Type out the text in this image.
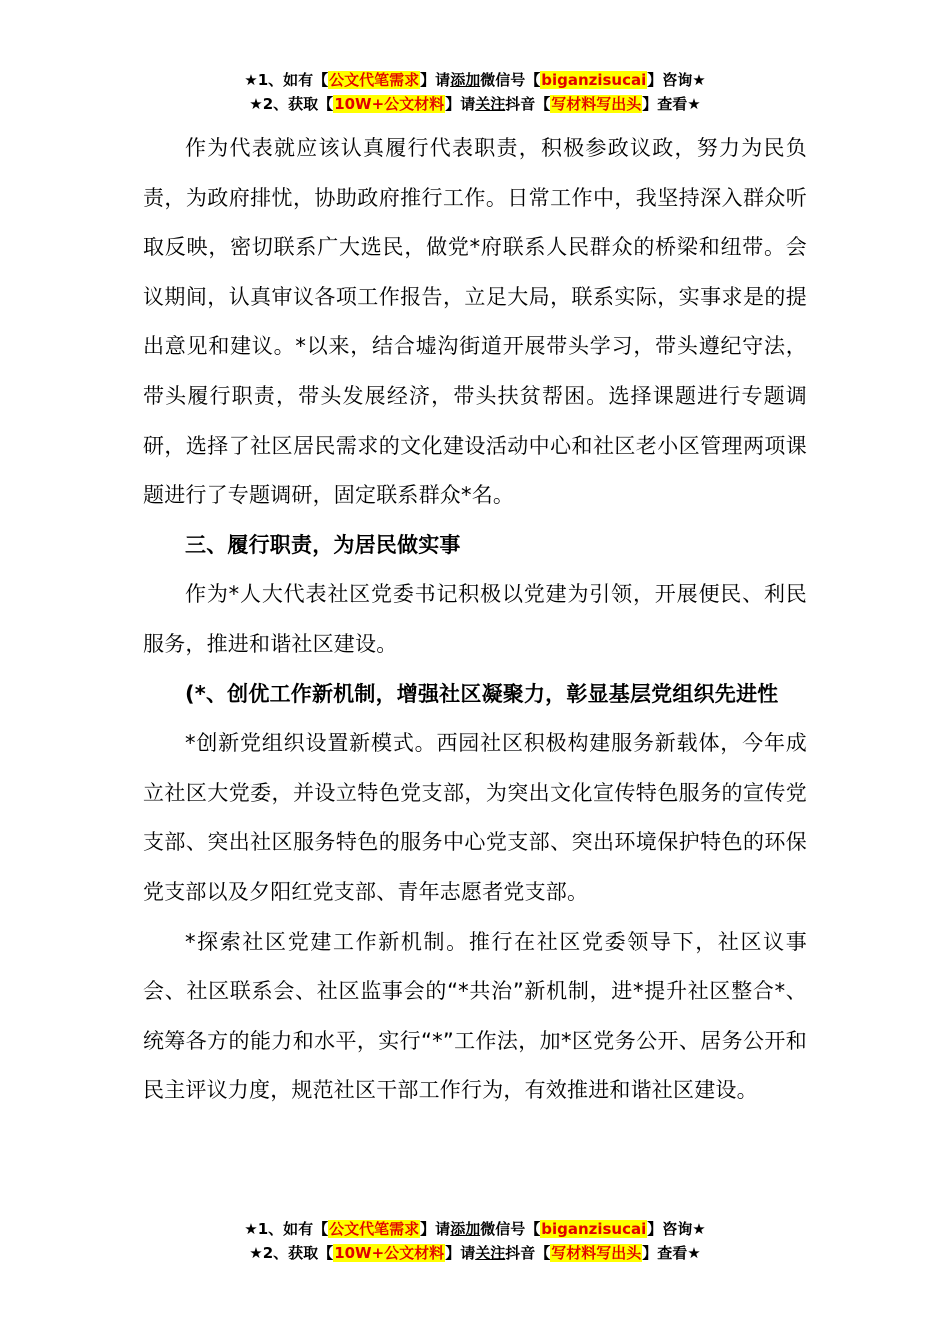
★1、如有【公文代笔需求】请添加微信号【biganzisucai】咨询★
★2、获取【10W+公文材料】请关注抖音【写材料写出头】查看★

作为代表就应该认真履行代表职责，积极参政议政，努力为民负责，为政府排忧，协助政府推行工作。日常工作中，我坚持深入群众听取反映，密切联系广大选民，做党*府联系人民群众的桥梁和纽带。会议期间，认真审议各项工作报告，立足大局，联系实际，实事求是的提出意见和建议。*以来，结合墟沟街道开展带头学习，带头遵纪守法，带头履行职责，带头发展经济，带头扶贫帮困。选择课题进行专题调研，选择了社区居民需求的文化建设活动中心和社区老小区管理两项课题进行了专题调研，固定联系群众*名。

三、履行职责，为居民做实事

作为*人大代表社区党委书记积极以党建为引领，开展便民、利民服务，推进和谐社区建设。

(*、创优工作新机制，增强社区凝聚力，彰显基层党组织先进性

*创新党组织设置新模式。西园社区积极构建服务新载体，今年成立社区大党委，并设立特色党支部，为突出文化宣传特色服务的宣传党支部、突出社区服务特色的服务中心党支部、突出环境保护特色的环保党支部以及夕阳红党支部、青年志愿者党支部。

*探索社区党建工作新机制。推行在社区党委领导下，社区议事会、社区联系会、社区监事会的“*共治”新机制，进*提升社区整合*、统筹各方的能力和水平，实行“*”工作法，加*区党务公开、居务公开和民主评议力度，规范社区干部工作行为，有效推进和谐社区建设。

★1、如有【公文代笔需求】请添加微信号【biganzisucai】咨询★
★2、获取【10W+公文材料】请关注抖音【写材料写出头】查看★
